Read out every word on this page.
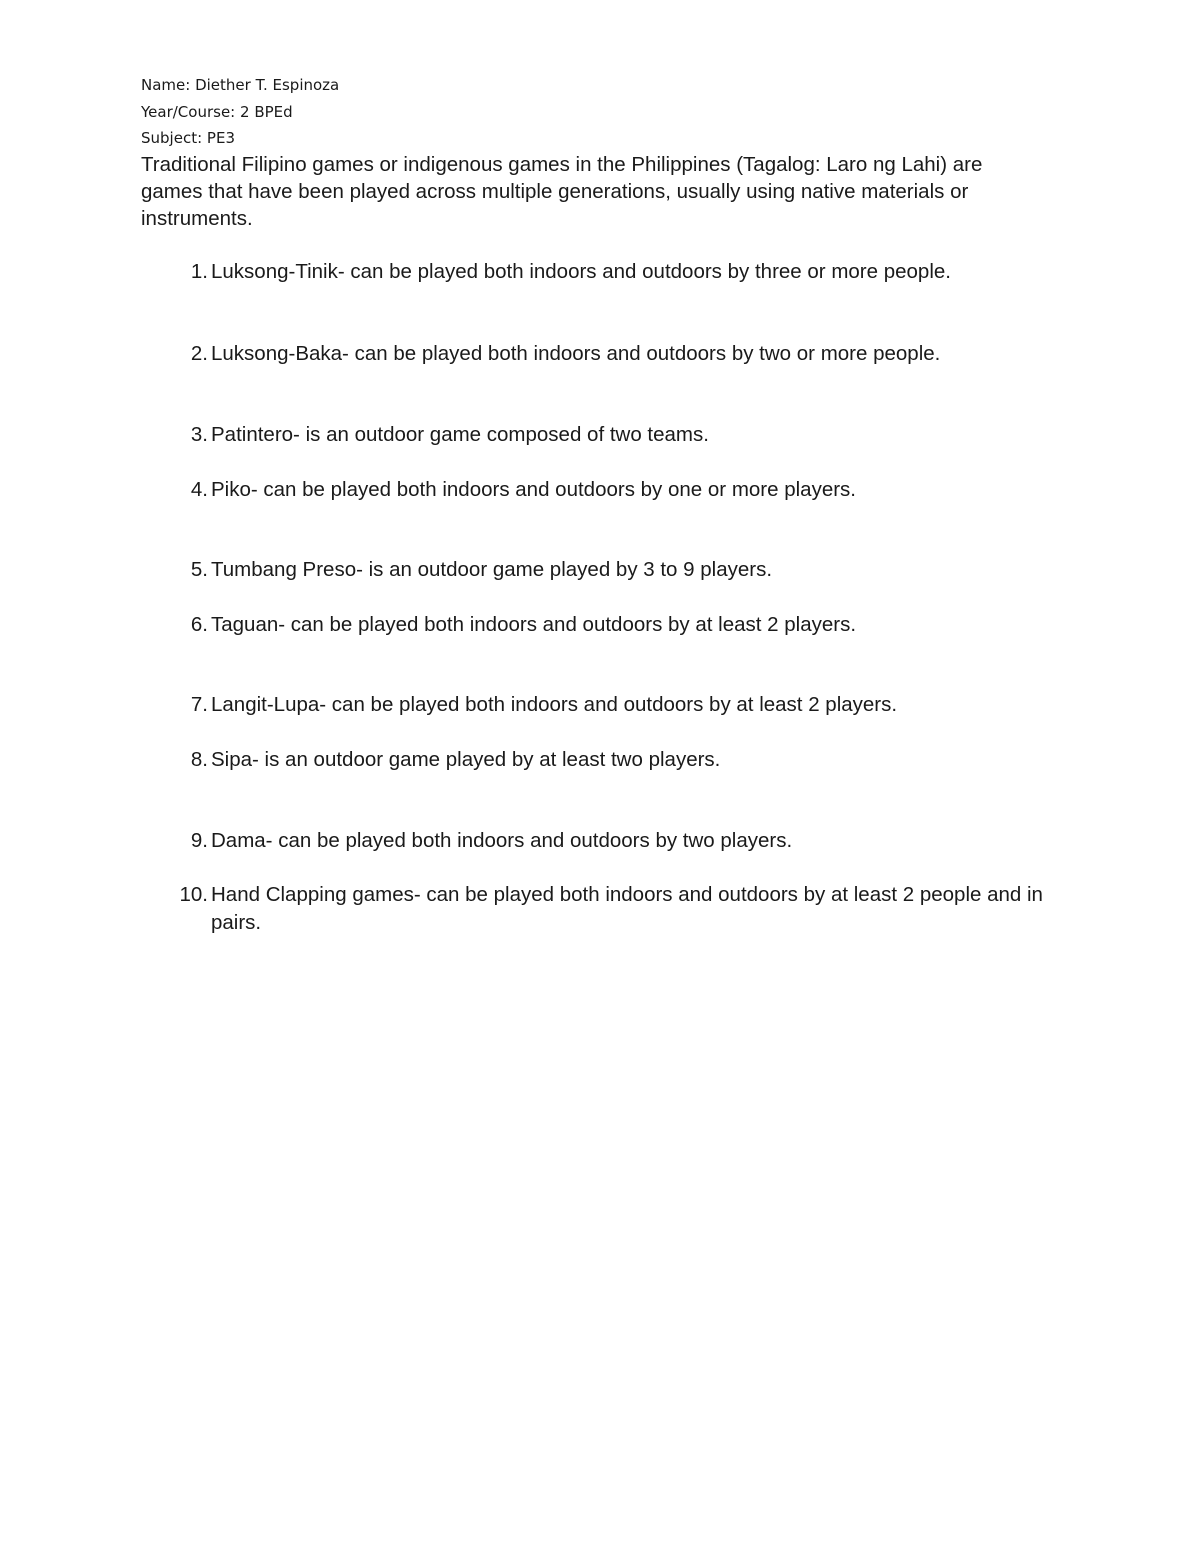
Name: Diether T. Espinoza
Year/Course: 2 BPEd
Subject: PE3
Traditional Filipino games or indigenous games in the Philippines (Tagalog: Laro ng Lahi) are games that have been played across multiple generations, usually using native materials or instruments.
1. Luksong-Tinik- can be played both indoors and outdoors by three or more people.
2. Luksong-Baka- can be played both indoors and outdoors by two or more people.
3. Patintero- is an outdoor game composed of two teams.
4. Piko- can be played both indoors and outdoors by one or more players.
5. Tumbang Preso- is an outdoor game played by 3 to 9 players.
6. Taguan- can be played both indoors and outdoors by at least 2 players.
7. Langit-Lupa- can be played both indoors and outdoors by at least 2 players.
8. Sipa- is an outdoor game played by at least two players.
9. Dama- can be played both indoors and outdoors by two players.
10. Hand Clapping games- can be played both indoors and outdoors by at least 2 people and in pairs.
